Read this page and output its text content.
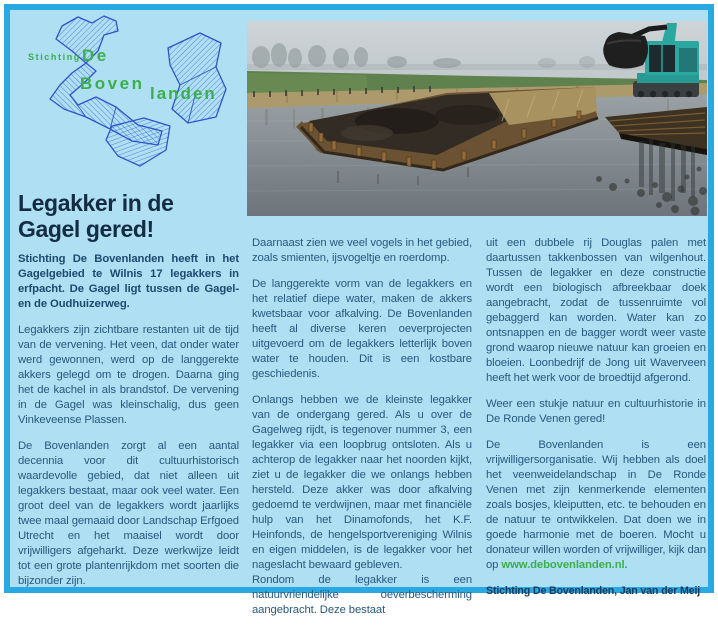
Stichting De
Boven
landen
Legakker in de Gagel gered!

Stichting De Bovenlanden heeft in het Gagelgebied te Wilnis 17 legakkers in erfpacht. De Gagel ligt tussen de Gagel- en de Oudhuizerweg.

Legakkers zijn zichtbare restanten uit de tijd van de vervening. Het veen, dat onder water werd gewonnen, werd op de langgerekte akkers gelegd om te drogen. Daarna ging het de kachel in als brandstof. De vervening in de Gagel was kleinschalig, dus geen Vinkeveense Plassen.

De Bovenlanden zorgt al een aantal decennia voor dit cultuurhistorisch waardevolle gebied, dat niet alleen uit legakkers bestaat, maar ook veel water. Een groot deel van de legakkers wordt jaarlijks twee maal gemaaid door Landschap Erfgoed Utrecht en het maaisel wordt door vrijwilligers afgeharkt. Deze werkwijze leidt tot een grote plantenrijkdom met soorten die bijzonder zijn.

Daarnaast zien we veel vogels in het gebied, zoals smienten, ijsvogeltje en roerdomp.

De langgerekte vorm van de legakkers en het relatief diepe water, maken de akkers kwetsbaar voor afkalving. De Bovenlanden heeft al diverse keren oeverprojecten uitgevoerd om de legakkers letterlijk boven water te houden. Dit is een kostbare geschiedenis.

Onlangs hebben we de kleinste legakker van de ondergang gered. Als u over de Gagelweg rijdt, is tegenover nummer 3, een legakker via een loopbrug ontsloten. Als u achterop de legakker naar het noorden kijkt, ziet u de legakker die we onlangs hebben hersteld. Deze akker was door afkalving gedoemd te verdwijnen, maar met financiële hulp van het Dinamofonds, het K.F. Heinfonds, de hengelsportvereniging Wilnis en eigen middelen, is de legakker voor het nageslacht bewaard gebleven.

Rondom de legakker is een natuurvriendelijke oeverbescherming aangebracht. Deze bestaat

uit een dubbele rij Douglas palen met daartussen takkenbossen van wilgenhout. Tussen de legakker en deze constructie wordt een biologisch afbreekbaar doek aangebracht, zodat de tussenruimte vol gebaggerd kan worden. Water kan zo ontsnappen en de bagger wordt weer vaste grond waarop nieuwe natuur kan groeien en bloeien. Loonbedrijf de Jong uit Waverveen heeft het werk voor de broedtijd afgerond.

Weer een stukje natuur en cultuurhistorie in De Ronde Venen gered!

De Bovenlanden is een vrijwilligersorganisatie. Wij hebben als doel het veenweidelandschap in De Ronde Venen met zijn kenmerkende elementen zoals bosjes, kleiputten, etc. te behouden en de natuur te ontwikkelen. Dat doen we in goede harmonie met de boeren. Mocht u donateur willen worden of vrijwilliger, kijk dan op www.debovenlanden.nl.

Stichting De Bovenlanden, Jan van der Meij
